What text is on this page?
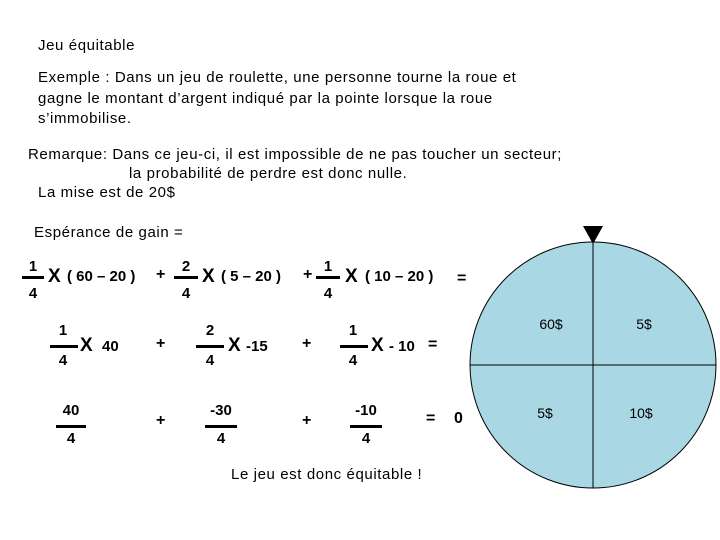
Jeu équitable
Exemple : Dans un jeu de roulette, une personne tourne la roue et
gagne le montant d’argent indiqué par la pointe lorsque la roue
s’immobilise.
Remarque: Dans ce jeu-ci, il est impossible de ne pas toucher un secteur;
la probabilité de perdre est donc nulle.
La mise est de 20$
Espérance de gain =
1
4
X ( 60 – 20 ) +	2
4
X ( 5 – 20 ) + 1
4
X ( 10 – 20 ) =
1
4
X 40 +
2
4
X -15 +
1
4
X - 10 =
40
4
+
-30
4
+
-10
4
= 0
Le jeu est donc équitable !
60$	5$
5$	10$
